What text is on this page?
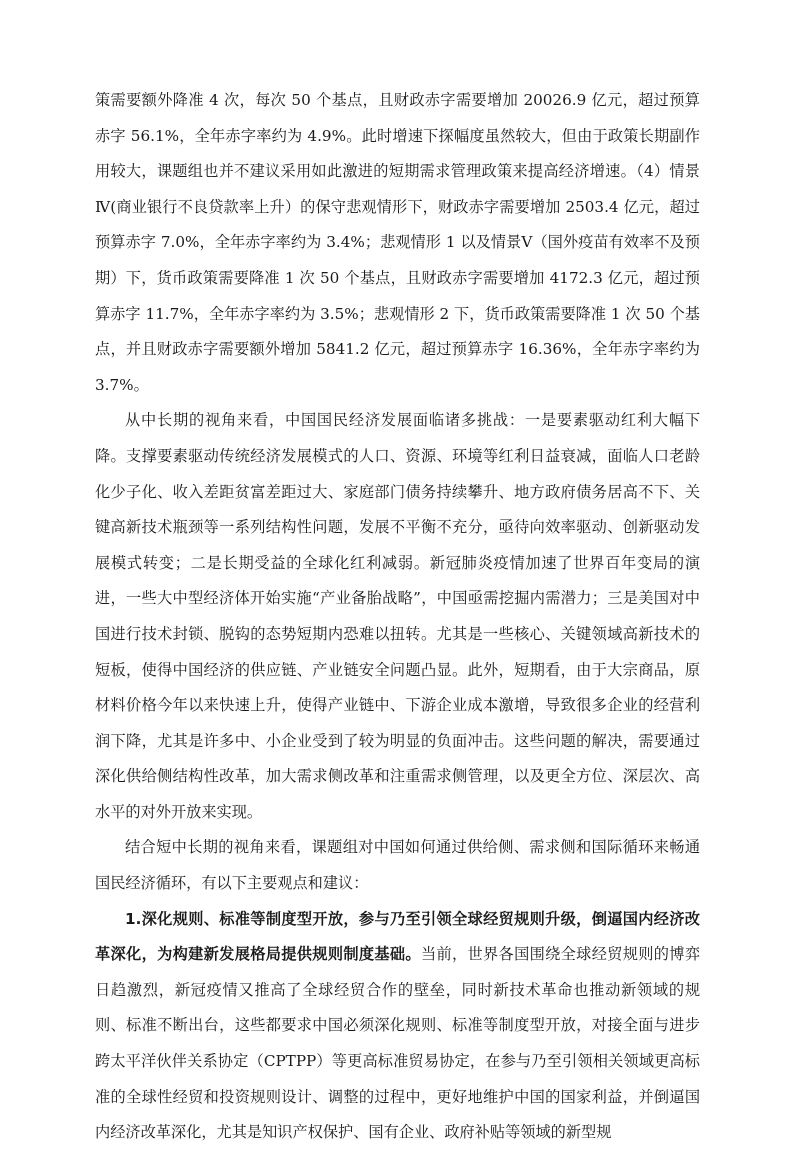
策需要额外降准 4 次，每次 50 个基点，且财政赤字需要增加 20026.9 亿元，超过预算赤字 56.1%，全年赤字率约为 4.9%。此时增速下探幅度虽然较大，但由于政策长期副作用较大，课题组也并不建议采用如此激进的短期需求管理政策来提高经济增速。（4）情景Ⅳ(商业银行不良贷款率上升）的保守悲观情形下，财政赤字需要增加 2503.4 亿元，超过预算赤字 7.0%，全年赤字率约为 3.4%；悲观情形 1 以及情景Ⅴ（国外疫苗有效率不及预期）下，货币政策需要降准 1 次 50 个基点，且财政赤字需要增加 4172.3 亿元，超过预算赤字 11.7%，全年赤字率约为 3.5%；悲观情形 2 下，货币政策需要降准 1 次 50 个基点，并且财政赤字需要额外增加 5841.2 亿元，超过预算赤字 16.36%，全年赤字率约为 3.7%。

从中长期的视角来看，中国国民经济发展面临诸多挑战：一是要素驱动红利大幅下降。支撑要素驱动传统经济发展模式的人口、资源、环境等红利日益衰减，面临人口老龄化少子化、收入差距贫富差距过大、家庭部门债务持续攀升、地方政府债务居高不下、关键高新技术瓶颈等一系列结构性问题，发展不平衡不充分，亟待向效率驱动、创新驱动发展模式转变；二是长期受益的全球化红利减弱。新冠肺炎疫情加速了世界百年变局的演进，一些大中型经济体开始实施“产业备胎战略”，中国亟需挖掘内需潜力；三是美国对中国进行技术封锁、脱钩的态势短期内恐难以扭转。尤其是一些核心、关键领域高新技术的短板，使得中国经济的供应链、产业链安全问题凸显。此外，短期看，由于大宗商品，原材料价格今年以来快速上升，使得产业链中、下游企业成本激增，导致很多企业的经营利润下降，尤其是许多中、小企业受到了较为明显的负面冲击。这些问题的解决，需要通过深化供给侧结构性改革，加大需求侧改革和注重需求侧管理，以及更全方位、深层次、高水平的对外开放来实现。

结合短中长期的视角来看，课题组对中国如何通过供给侧、需求侧和国际循环来畅通国民经济循环，有以下主要观点和建议：

1.深化规则、标准等制度型开放，参与乃至引领全球经贸规则升级，倒逼国内经济改革深化，为构建新发展格局提供规则制度基础。当前，世界各国围绕全球经贸规则的博弈日趋激烈，新冠疫情又推高了全球经贸合作的壁垒，同时新技术革命也推动新领域的规则、标准不断出台，这些都要求中国必须深化规则、标准等制度型开放，对接全面与进步跨太平洋伙伴关系协定（CPTPP）等更高标准贸易协定，在参与乃至引领相关领域更高标准的全球性经贸和投资规则设计、调整的过程中，更好地维护中国的国家利益，并倒逼国内经济改革深化，尤其是知识产权保护、国有企业、政府补贴等领域的新型规
